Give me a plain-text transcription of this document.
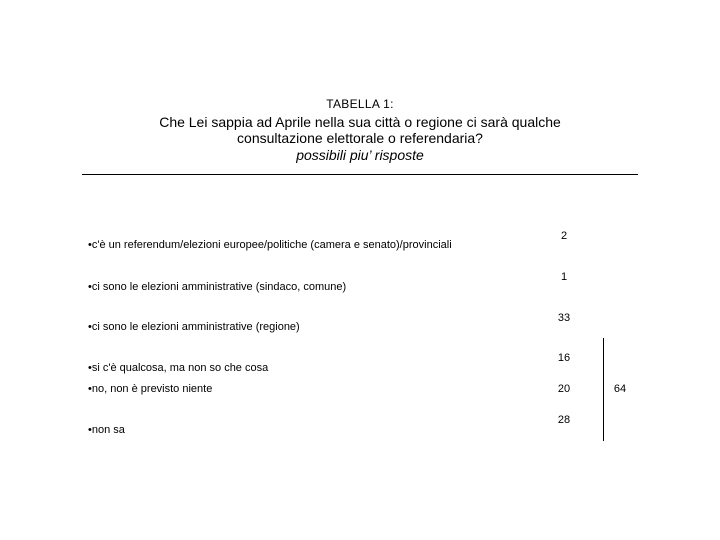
TABELLA 1:
Che Lei sappia ad Aprile nella sua città o regione ci sarà qualche
consultazione elettorale o referendaria?
possibili piu’ risposte
•c'è un referendum/elezioni europee/politiche (camera e senato)/provinciali
2
•ci sono le elezioni amministrative (sindaco, comune)
1
•ci sono le elezioni amministrative (regione)
33
•si c'è qualcosa, ma non so che cosa
16
•no, non è previsto niente	20
•non sa
28
64
